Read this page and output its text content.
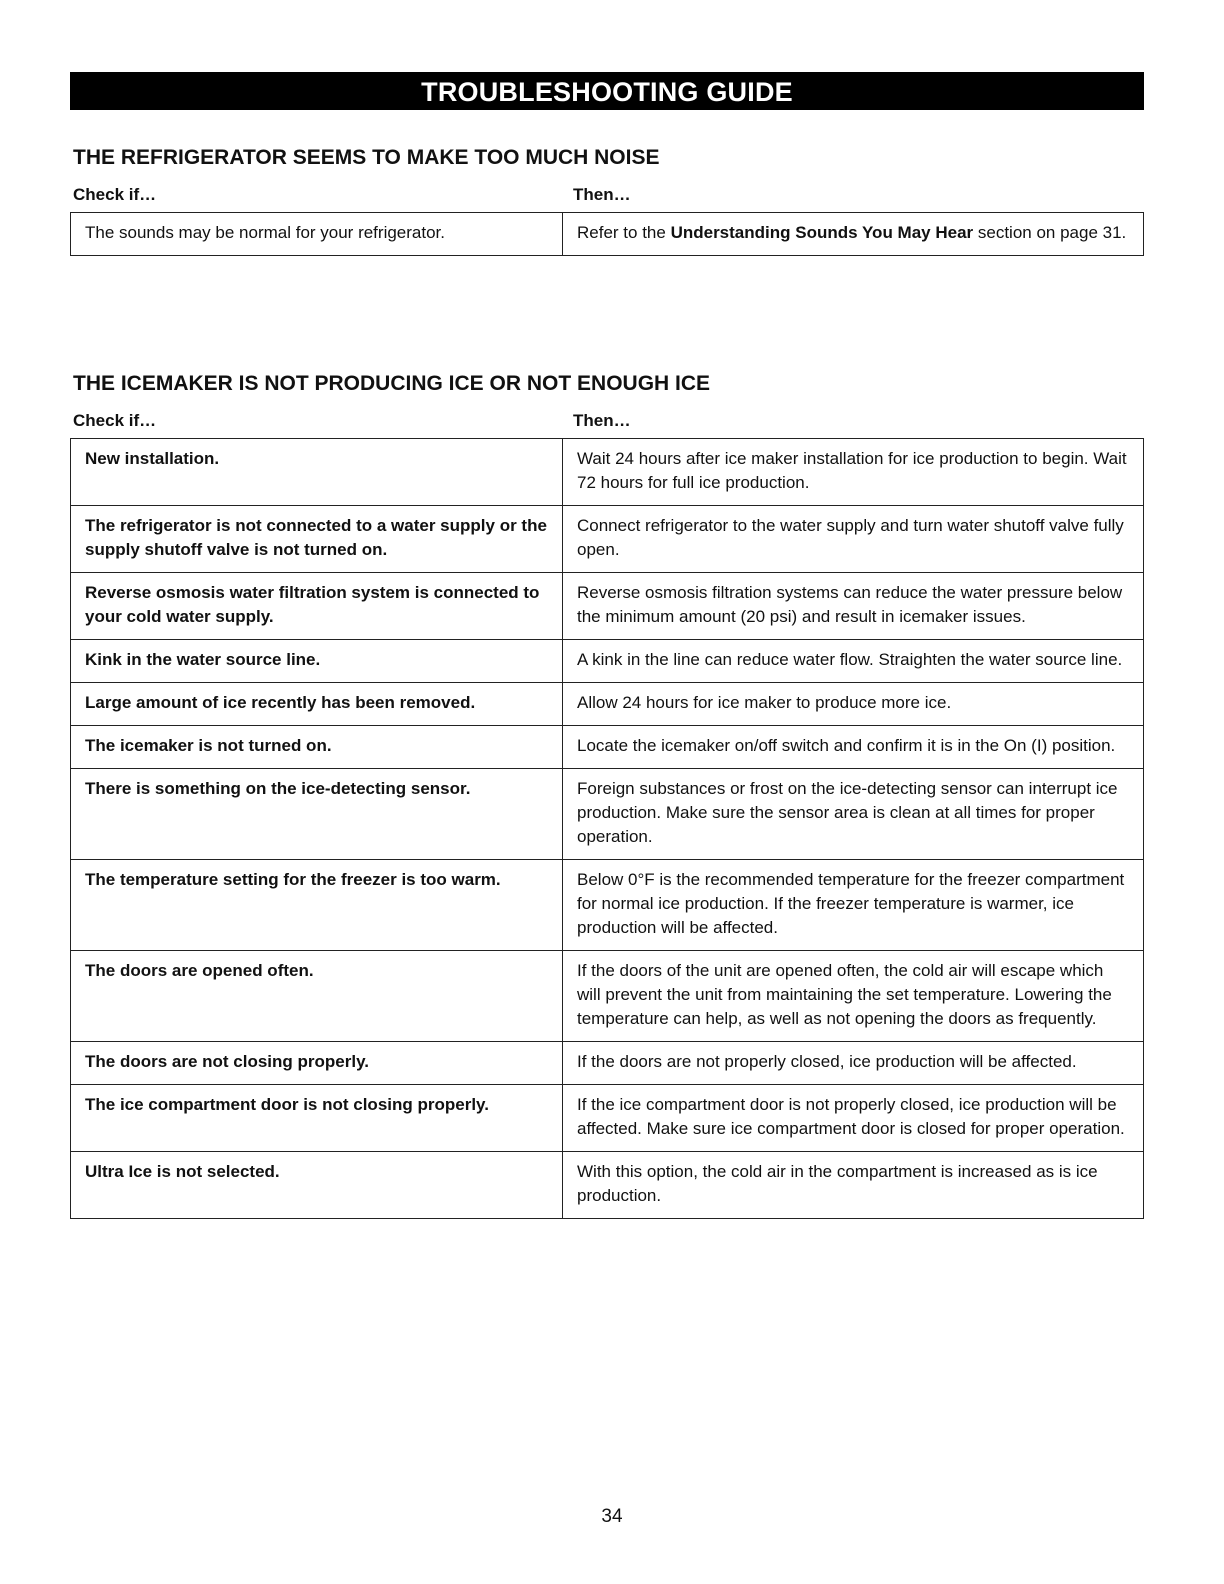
TROUBLESHOOTING GUIDE
THE REFRIGERATOR SEEMS TO MAKE TOO MUCH NOISE
Check if…	Then…
The sounds may be normal for your refrigerator.	Refer to the Understanding Sounds You May Hear section on page 31.
THE ICEMAKER IS NOT PRODUCING ICE OR NOT ENOUGH ICE
Check if…	Then…
New installation.	Wait 24 hours after ice maker installation for ice production to begin. Wait 72 hours for full ice production.
The refrigerator is not connected to a water supply or the supply shutoff valve is not turned on.	Connect refrigerator to the water supply and turn water shutoff valve fully open.
Reverse osmosis water filtration system is connected to your cold water supply.	Reverse osmosis filtration systems can reduce the water pressure below the minimum amount (20 psi) and result in icemaker issues.
Kink in the water source line.	A kink in the line can reduce water flow. Straighten the water source line.
Large amount of ice recently has been removed.	Allow 24 hours for ice maker to produce more ice.
The icemaker is not turned on.	Locate the icemaker on/off switch and confirm it is in the On (I) position.
There is something on the ice-detecting sensor.	Foreign substances or frost on the ice-detecting sensor can interrupt ice production. Make sure the sensor area is clean at all times for proper operation.
The temperature setting for the freezer is too warm.	Below 0°F is the recommended temperature for the freezer compartment for normal ice production. If the freezer temperature is warmer, ice production will be affected.
The doors are opened often.	If the doors of the unit are opened often, the cold air will escape which will prevent the unit from maintaining the set temperature. Lowering the temperature can help, as well as not opening the doors as frequently.
The doors are not closing properly.	If the doors are not properly closed, ice production will be affected.
The ice compartment door is not closing properly.	If the ice compartment door is not properly closed, ice production will be affected. Make sure ice compartment door is closed for proper operation.
Ultra Ice is not selected.	With this option, the cold air in the compartment is increased as is ice production.
34
